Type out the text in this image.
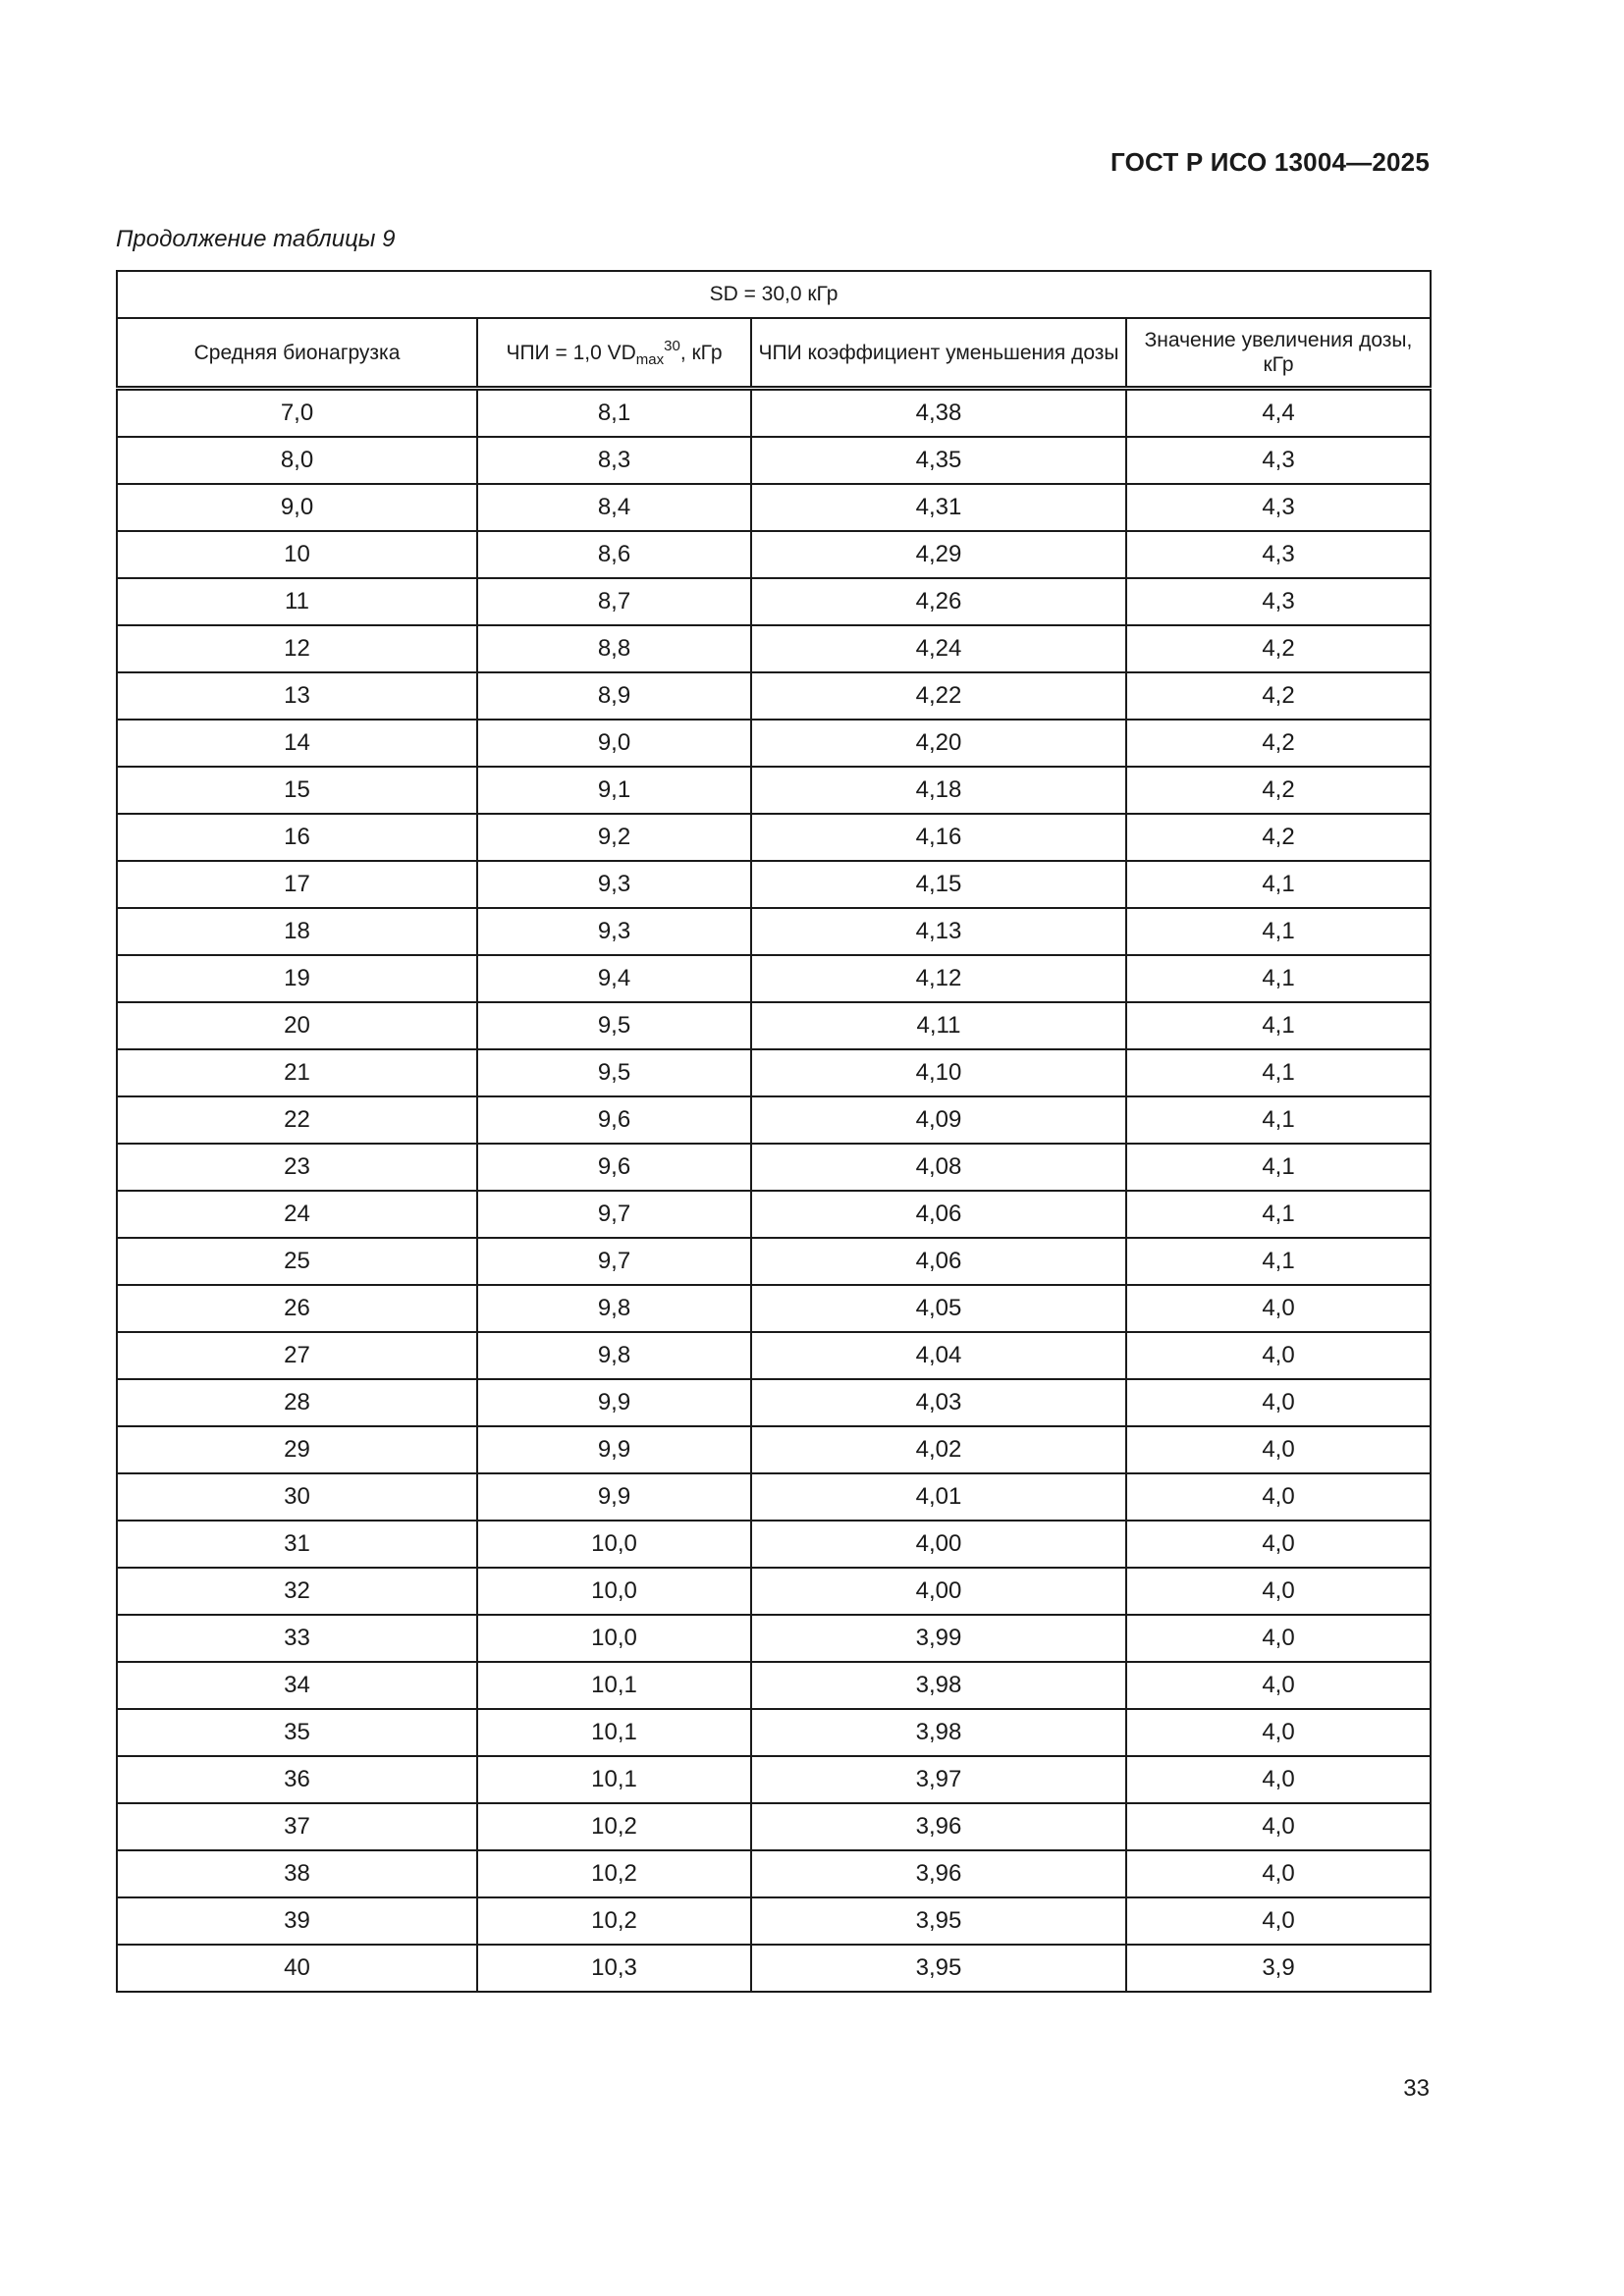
ГОСТ Р ИСО 13004—2025
Продолжение таблицы 9
SD = 30,0 кГр			
Средняя бионагрузка	ЧПИ = 1,0 $VD_{max}^{30}$, кГр	ЧПИ коэффициент уменьшения дозы	Значение увеличения дозы, кГр
7,0	8,1	4,38	4,4
8,0	8,3	4,35	4,3
9,0	8,4	4,31	4,3
10	8,6	4,29	4,3
11	8,7	4,26	4,3
12	8,8	4,24	4,2
13	8,9	4,22	4,2
14	9,0	4,20	4,2
15	9,1	4,18	4,2
16	9,2	4,16	4,2
17	9,3	4,15	4,1
18	9,3	4,13	4,1
19	9,4	4,12	4,1
20	9,5	4,11	4,1
21	9,5	4,10	4,1
22	9,6	4,09	4,1
23	9,6	4,08	4,1
24	9,7	4,06	4,1
25	9,7	4,06	4,1
26	9,8	4,05	4,0
27	9,8	4,04	4,0
28	9,9	4,03	4,0
29	9,9	4,02	4,0
30	9,9	4,01	4,0
31	10,0	4,00	4,0
32	10,0	4,00	4,0
33	10,0	3,99	4,0
34	10,1	3,98	4,0
35	10,1	3,98	4,0
36	10,1	3,97	4,0
37	10,2	3,96	4,0
38	10,2	3,96	4,0
39	10,2	3,95	4,0
40	10,3	3,95	3,9
33
